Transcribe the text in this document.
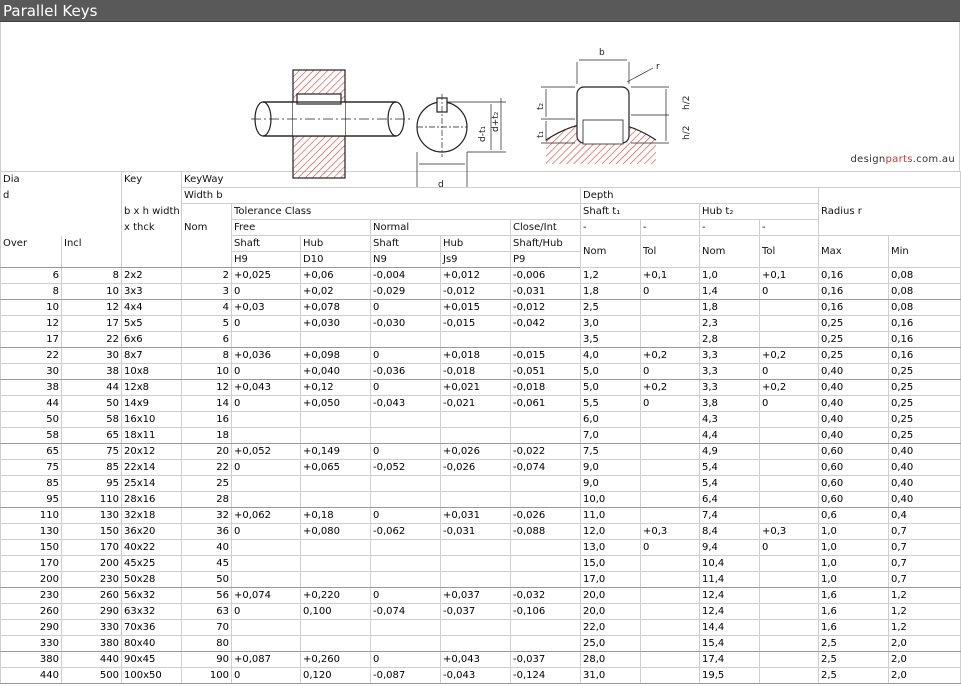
Parallel Keys
b
r
d
d-t₁
d+t₂
t₂
t₁
h/2
h/2
designparts.com.au
Dia		Key	KeyWay											
d			Width b						Depth					
		b x h width		Tolerance Class					Shaft t₁		Hub t₂		Radius r	
		x thck	Nom	Free		Normal		Close/Int	-	-	-	-		
Over	Incl			Shaft	Hub	Shaft	Hub	Shaft/Hub	Nom	Tol	Nom	Tol	Max	Min
				H9	D10	N9	Js9	P9						
6	8	2x2	2	+0,025	+0,06	-0,004	+0,012	-0,006	1,2	+0,1	1,0	+0,1	0,16	0,08
8	10	3x3	3	0	+0,02	-0,029	-0,012	-0,031	1,8	0	1,4	0	0,16	0,08
10	12	4x4	4	+0,03	+0,078	0	+0,015	-0,012	2,5		1,8		0,16	0,08
12	17	5x5	5	0	+0,030	-0,030	-0,015	-0,042	3,0		2,3		0,25	0,16
17	22	6x6	6						3,5		2,8		0,25	0,16
22	30	8x7	8	+0,036	+0,098	0	+0,018	-0,015	4,0	+0,2	3,3	+0,2	0,25	0,16
30	38	10x8	10	0	+0,040	-0,036	-0,018	-0,051	5,0	0	3,3	0	0,40	0,25
38	44	12x8	12	+0,043	+0,12	0	+0,021	-0,018	5,0	+0,2	3,3	+0,2	0,40	0,25
44	50	14x9	14	0	+0,050	-0,043	-0,021	-0,061	5,5	0	3,8	0	0,40	0,25
50	58	16x10	16						6,0		4,3		0,40	0,25
58	65	18x11	18						7,0		4,4		0,40	0,25
65	75	20x12	20	+0,052	+0,149	0	+0,026	-0,022	7,5		4,9		0,60	0,40
75	85	22x14	22	0	+0,065	-0,052	-0,026	-0,074	9,0		5,4		0,60	0,40
85	95	25x14	25						9,0		5,4		0,60	0,40
95	110	28x16	28						10,0		6,4		0,60	0,40
110	130	32x18	32	+0,062	+0,18	0	+0,031	-0,026	11,0		7,4		0,6	0,4
130	150	36x20	36	0	+0,080	-0,062	-0,031	-0,088	12,0	+0,3	8,4	+0,3	1,0	0,7
150	170	40x22	40						13,0	0	9,4	0	1,0	0,7
170	200	45x25	45						15,0		10,4		1,0	0,7
200	230	50x28	50						17,0		11,4		1,0	0,7
230	260	56x32	56	+0,074	+0,220	0	+0,037	-0,032	20,0		12,4		1,6	1,2
260	290	63x32	63	0	0,100	-0,074	-0,037	-0,106	20,0		12,4		1,6	1,2
290	330	70x36	70						22,0		14,4		1,6	1,2
330	380	80x40	80						25,0		15,4		2,5	2,0
380	440	90x45	90	+0,087	+0,260	0	+0,043	-0,037	28,0		17,4		2,5	2,0
440	500	100x50	100	0	0,120	-0,087	-0,043	-0,124	31,0		19,5		2,5	2,0
